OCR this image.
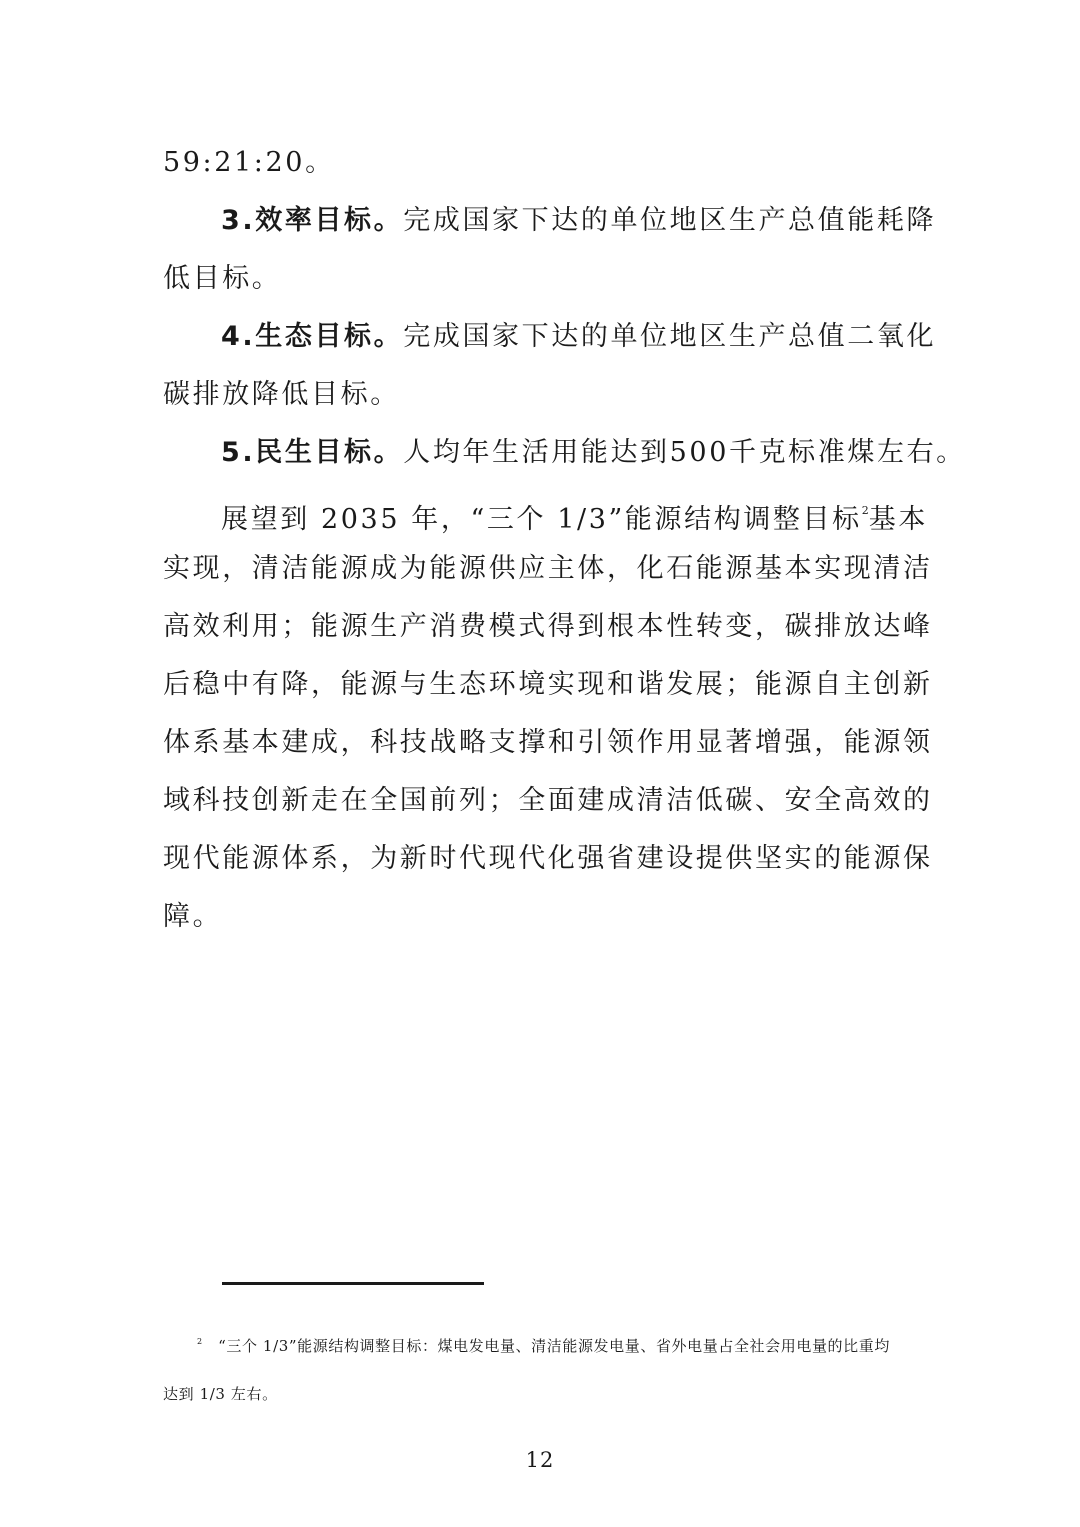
59:21:20。
3.效率目标。完成国家下达的单位地区生产总值能耗降
低目标。
4.生态目标。完成国家下达的单位地区生产总值二氧化
碳排放降低目标。
5.民生目标。人均年生活用能达到500千克标准煤左右。
展望到 2035 年，“三个 1/3”能源结构调整目标$^2$基本
实现，清洁能源成为能源供应主体，化石能源基本实现清洁
高效利用；能源生产消费模式得到根本性转变，碳排放达峰
后稳中有降，能源与生态环境实现和谐发展；能源自主创新
体系基本建成，科技战略支撑和引领作用显著增强，能源领
域科技创新走在全国前列；全面建成清洁低碳、安全高效的
现代能源体系，为新时代现代化强省建设提供坚实的能源保
障。
$^2$ “三个 1/3”能源结构调整目标：煤电发电量、清洁能源发电量、省外电量占全社会用电量的比重均
达到 1/3 左右。
12
